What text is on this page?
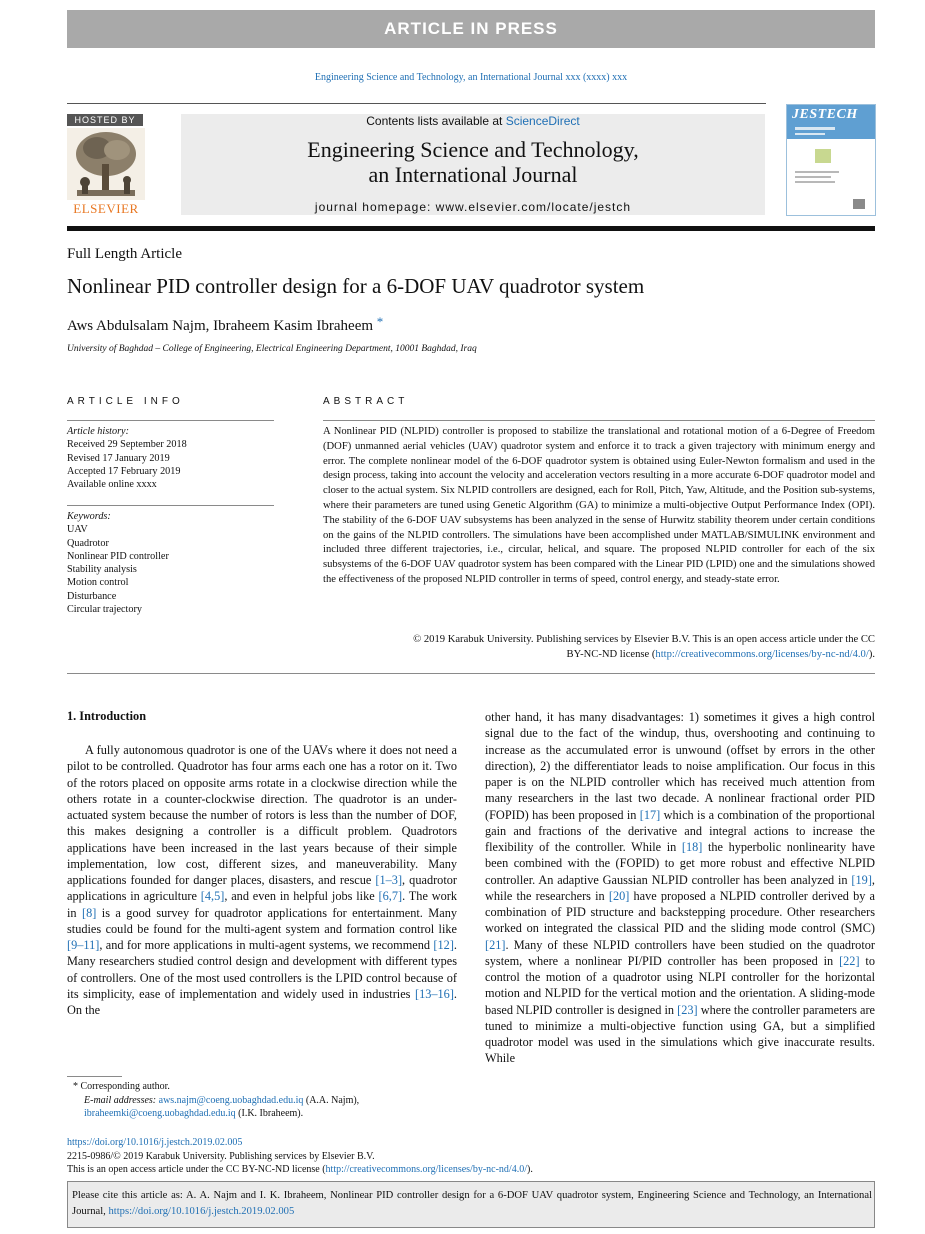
ARTICLE IN PRESS
Engineering Science and Technology, an International Journal xxx (xxxx) xxx
HOSTED BY
ELSEVIER
Contents lists available at ScienceDirect
Engineering Science and Technology,
an International Journal
journal homepage: www.elsevier.com/locate/jestch
JESTECH
Full Length Article
Nonlinear PID controller design for a 6-DOF UAV quadrotor system
Aws Abdulsalam Najm, Ibraheem Kasim Ibraheem *
University of Baghdad – College of Engineering, Electrical Engineering Department, 10001 Baghdad, Iraq
ARTICLE INFO	ABSTRACT
Article history:
Received 29 September 2018
Revised 17 January 2019
Accepted 17 February 2019
Available online xxxx
Keywords:
UAV
Quadrotor
Nonlinear PID controller
Stability analysis
Motion control
Disturbance
Circular trajectory
A Nonlinear PID (NLPID) controller is proposed to stabilize the translational and rotational motion of a 6-Degree of Freedom (DOF) unmanned aerial vehicles (UAV) quadrotor system and enforce it to track a given trajectory with minimum energy and error. The complete nonlinear model of the 6-DOF quadrotor system is obtained using Euler-Newton formalism and used in the design process, taking into account the velocity and acceleration vectors resulting in a more accurate 6-DOF quadrotor model and closer to the actual system. Six NLPID controllers are designed, each for Roll, Pitch, Yaw, Altitude, and the Position sub-systems, where their parameters are tuned using Genetic Algorithm (GA) to minimize a multi-objective Output Performance Index (OPI). The stability of the 6-DOF UAV subsystems has been analyzed in the sense of Hurwitz stability theorem under certain conditions on the gains of the NLPID controllers. The simulations have been accomplished under MATLAB/SIMULINK environment and included three different trajectories, i.e., circular, helical, and square. The proposed NLPID controller for each of the six subsystems of the 6-DOF UAV quadrotor system has been compared with the Linear PID (LPID) one and the simulations showed the effectiveness of the proposed NLPID controller in terms of speed, control energy, and steady-state error.
© 2019 Karabuk University. Publishing services by Elsevier B.V. This is an open access article under the CC
BY-NC-ND license (http://creativecommons.org/licenses/by-nc-nd/4.0/).
1. Introduction

A fully autonomous quadrotor is one of the UAVs where it does not need a pilot to be controlled. Quadrotor has four arms each one has a rotor on it. Two of the rotors placed on opposite arms rotate in a clockwise direction while the others rotate in a counter-clockwise direction. The quadrotor is an under-actuated system because the number of rotors is less than the number of DOF, this makes designing a controller is a difficult problem. Quadrotors applications have been increased in the last years because of their simple implementation, low cost, different sizes, and maneuverability. Many applications founded for danger places, disasters, and rescue [1–3], quadrotor applications in agriculture [4,5], and even in helpful jobs like [6,7]. The work in [8] is a good survey for quadrotor applications for entertainment. Many studies could be found for the multi-agent system and formation control like [9–11], and for more applications in multi-agent systems, we recommend [12]. Many researchers studied control design and development with different types of controllers. One of the most used controllers is the LPID control because of its simplicity, ease of implementation and widely used in industries [13–16]. On the

other hand, it has many disadvantages: 1) sometimes it gives a high control signal due to the fact of the windup, thus, overshooting and continuing to increase as the accumulated error is unwound (offset by errors in the other direction), 2) the differentiator leads to noise amplification. Our focus in this paper is on the NLPID controller which has received much attention from many researchers in the last two decade. A nonlinear fractional order PID (FOPID) has been proposed in [17] which is a combination of the proportional gain and fractions of the derivative and integral actions to increase the flexibility of the controller. While in [18] the hyperbolic nonlinearity have been combined with the (FOPID) to get more robust and effective NLPID controller. An adaptive Gaussian NLPID controller has been analyzed in [19], while the researchers in [20] have proposed a NLPID controller derived by a combination of PID structure and backstepping procedure. Other researchers worked on integrated the classical PID and the sliding mode control (SMC) [21]. Many of these NLPID controllers have been studied on the quadrotor system, where a nonlinear PI/PID controller has been proposed in [22] to control the motion of a quadrotor using NLPI controller for the horizontal motion and NLPID for the vertical motion and the orientation. A sliding-mode based NLPID controller is designed in [23] where the controller parameters are tuned to minimize a multi-objective function using GA, but a simplified quadrotor model was used in the simulations which give inaccurate results. While

* Corresponding author.

E-mail addresses: aws.najm@coeng.uobaghdad.edu.iq (A.A. Najm), ibraheemki@coeng.uobaghdad.edu.iq (I.K. Ibraheem).

https://doi.org/10.1016/j.jestch.2019.02.005

2215-0986/© 2019 Karabuk University. Publishing services by Elsevier B.V.

This is an open access article under the CC BY-NC-ND license (http://creativecommons.org/licenses/by-nc-nd/4.0/).

Please cite this article as: A. A. Najm and I. K. Ibraheem, Nonlinear PID controller design for a 6-DOF UAV quadrotor system, Engineering Science and Technology, an International Journal, https://doi.org/10.1016/j.jestch.2019.02.005
